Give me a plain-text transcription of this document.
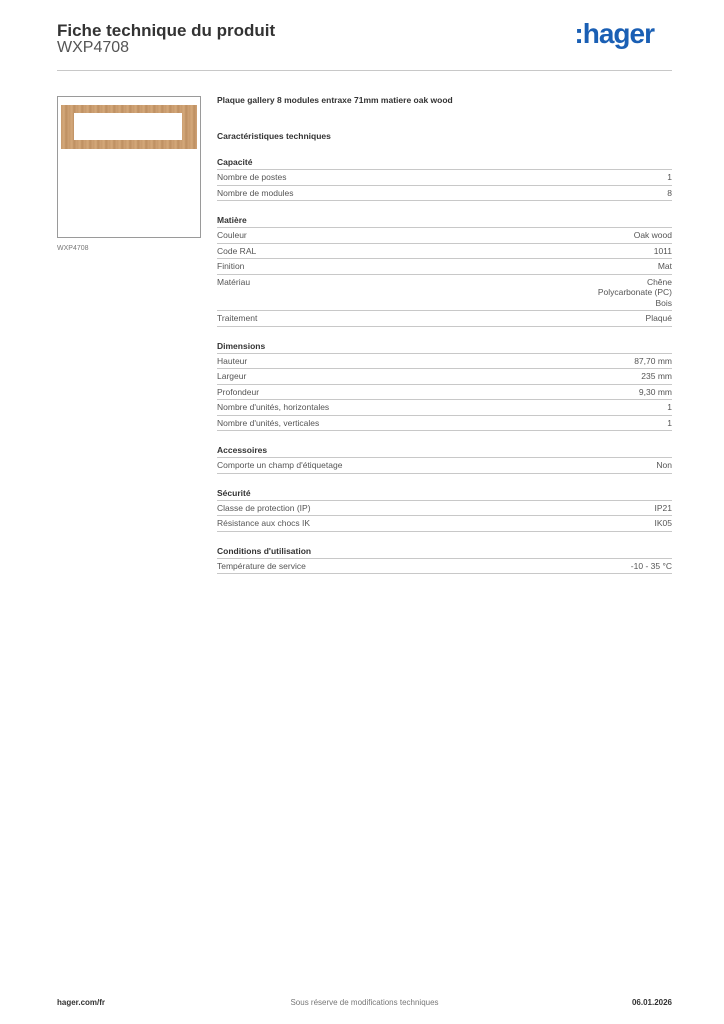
Fiche technique du produit
WXP4708	:hager
WXP4708
Plaque gallery 8 modules entraxe 71mm matiere oak wood
Caractéristiques techniques
Capacité
Nombre de postes	1
Nombre de modules	8
Matière
Couleur	Oak wood
Code RAL	1011
Finition	Mat
Matériau	Chêne
Polycarbonate (PC)
Bois
Traitement	Plaqué
Dimensions
Hauteur	87,70 mm
Largeur	235 mm
Profondeur	9,30 mm
Nombre d'unités, horizontales	1
Nombre d'unités, verticales	1
Accessoires
Comporte un champ d'étiquetage	Non
Sécurité
Classe de protection (IP)	IP21
Résistance aux chocs IK	IK05
Conditions d'utilisation
Température de service	-10 - 35 °C
Sous réserve de modifications techniques
hager.com/fr	06.01.2026
